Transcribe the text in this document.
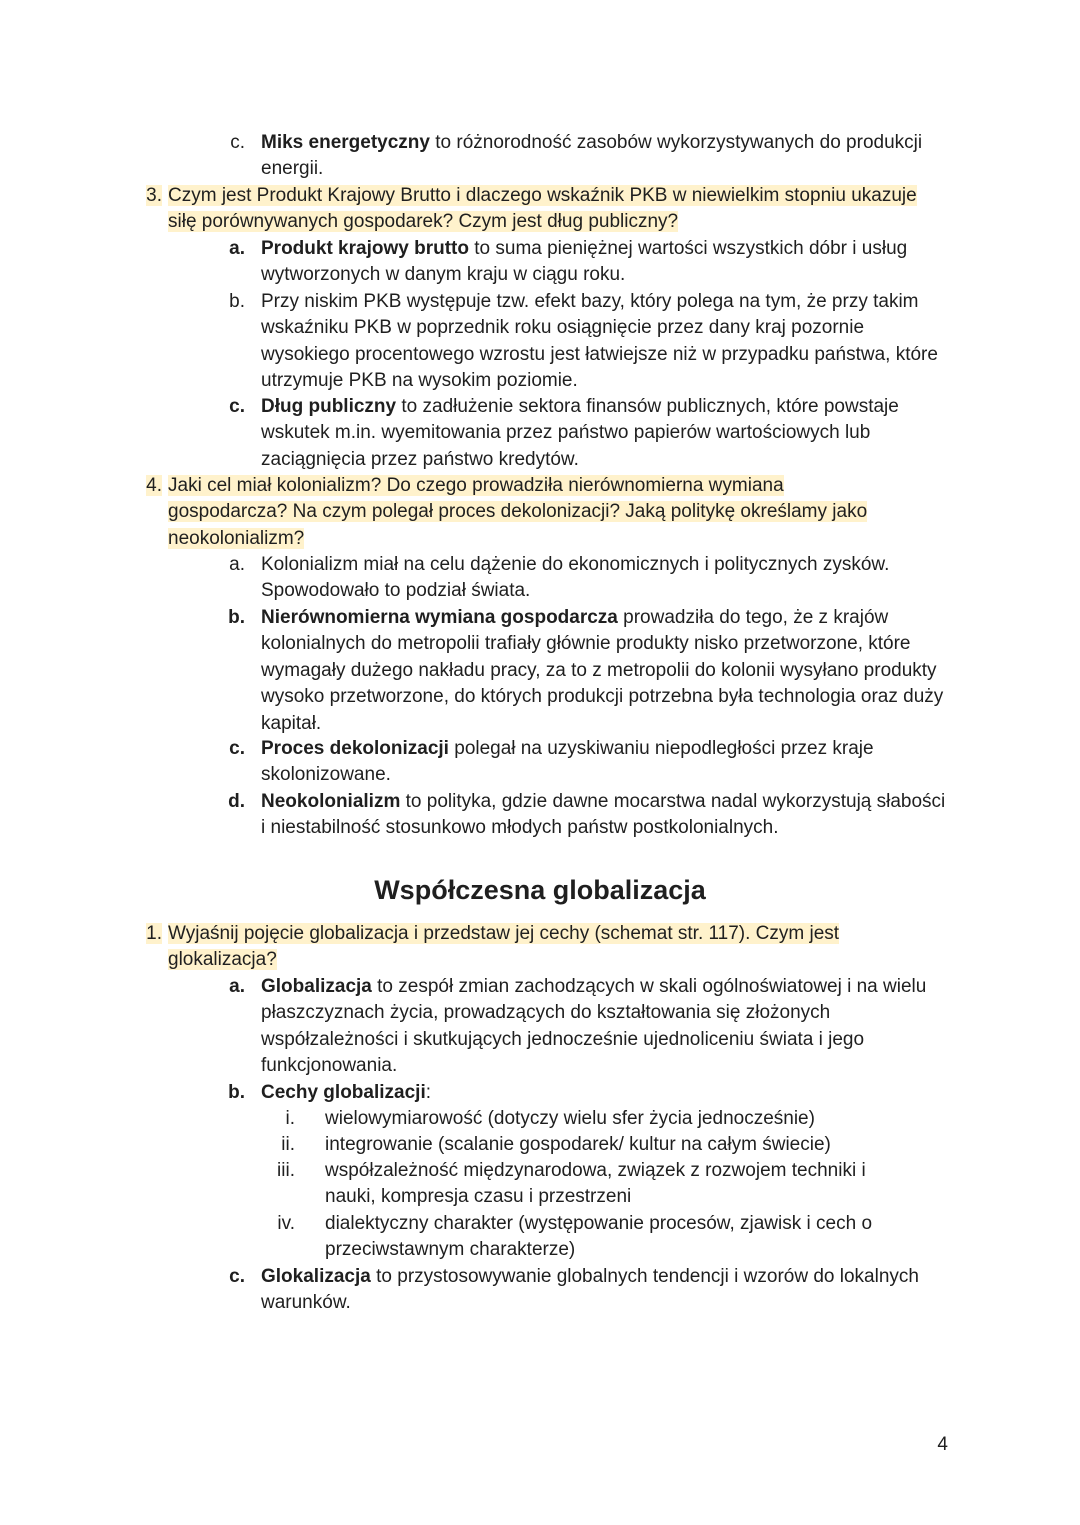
c. Miks energetyczny to różnorodność zasobów wykorzystywanych do produkcji energii.
3. Czym jest Produkt Krajowy Brutto i dlaczego wskaźnik PKB w niewielkim stopniu ukazuje siłę porównywanych gospodarek? Czym jest dług publiczny?
a. Produkt krajowy brutto to suma pieniężnej wartości wszystkich dóbr i usług wytworzonych w danym kraju w ciągu roku.
b. Przy niskim PKB występuje tzw. efekt bazy, który polega na tym, że przy takim wskaźniku PKB w poprzednik roku osiągnięcie przez dany kraj pozornie wysokiego procentowego wzrostu jest łatwiejsze niż w przypadku państwa, które utrzymuje PKB na wysokim poziomie.
c. Dług publiczny to zadłużenie sektora finansów publicznych, które powstaje wskutek m.in. wyemitowania przez państwo papierów wartościowych lub zaciągnięcia przez państwo kredytów.
4. Jaki cel miał kolonializm? Do czego prowadziła nierównomierna wymiana gospodarcza? Na czym polegał proces dekolonizacji? Jaką politykę określamy jako neokolonializm?
a. Kolonializm miał na celu dążenie do ekonomicznych i politycznych zysków. Spowodowało to podział świata.
b. Nierównomierna wymiana gospodarcza prowadziła do tego, że z krajów kolonialnych do metropolii trafiały głównie produkty nisko przetworzone, które wymagały dużego nakładu pracy, za to z metropolii do kolonii wysyłano produkty wysoko przetworzone, do których produkcji potrzebna była technologia oraz duży kapitał.
c. Proces dekolonizacji polegał na uzyskiwaniu niepodległości przez kraje skolonizowane.
d. Neokolonializm to polityka, gdzie dawne mocarstwa nadal wykorzystują słabości i niestabilność stosunkowo młodych państw postkolonialnych.
Współczesna globalizacja
1. Wyjaśnij pojęcie globalizacja i przedstaw jej cechy (schemat str. 117). Czym jest glokalizacja?
a. Globalizacja to zespół zmian zachodzących w skali ogólnoświatowej i na wielu płaszczyznach życia, prowadzących do kształtowania się złożonych współzależności i skutkujących jednocześnie ujednoliceniu świata i jego funkcjonowania.
b. Cechy globalizacji:
i.	wielowymiarowość (dotyczy wielu sfer życia jednocześnie)
ii.	integrowanie (scalanie gospodarek/ kultur na całym świecie)
iii.	współzależność międzynarodowa, związek z rozwojem techniki i nauki, kompresja czasu i przestrzeni
iv.	dialektyczny charakter (występowanie procesów, zjawisk i cech o przeciwstawnym charakterze)
c. Glokalizacja to przystosowywanie globalnych tendencji i wzorów do lokalnych warunków.
4
